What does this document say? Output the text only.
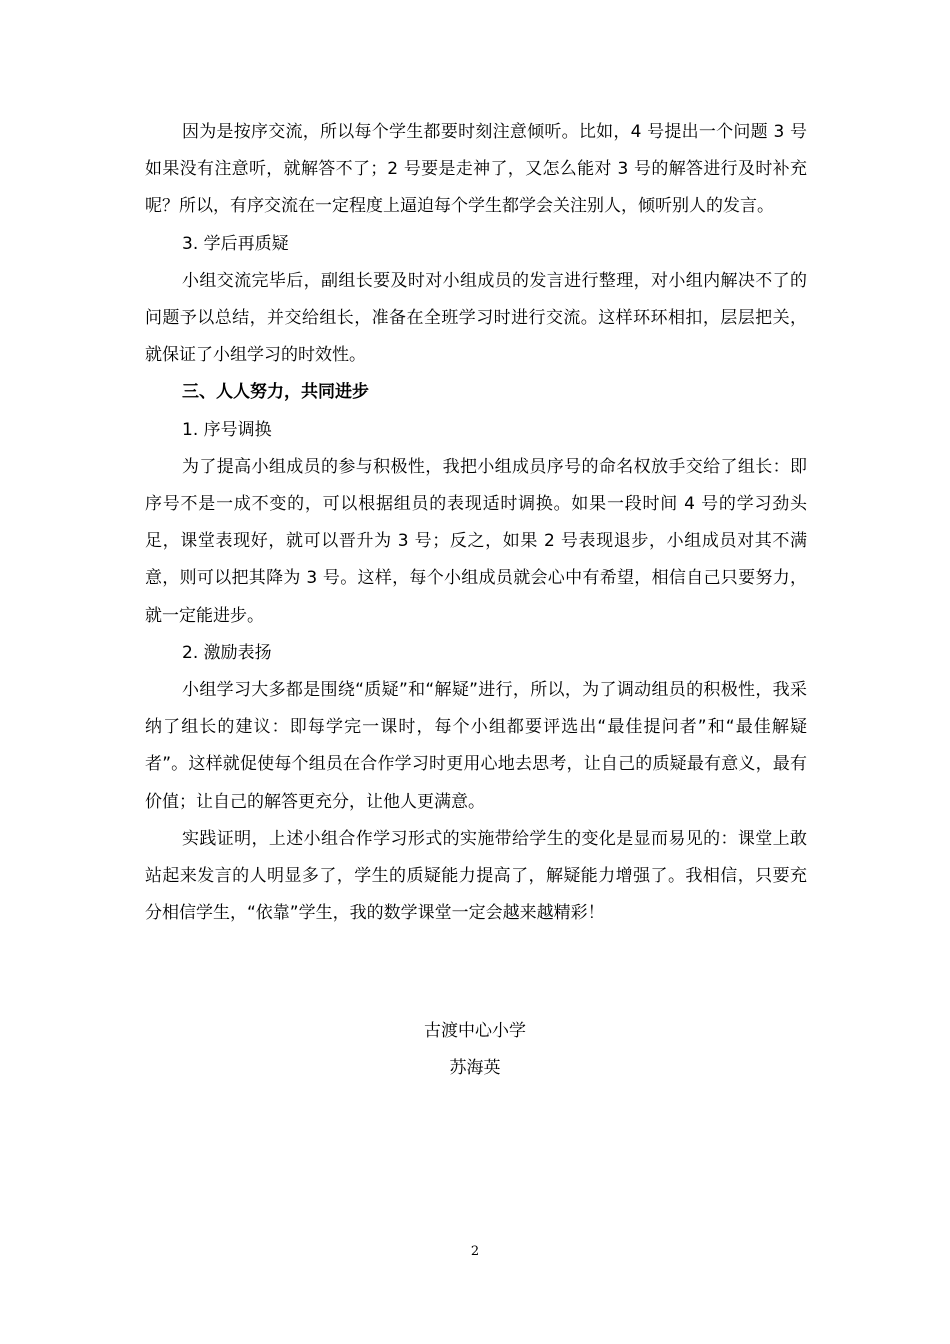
因为是按序交流，所以每个学生都要时刻注意倾听。比如，4 号提出一个问题 3 号如果没有注意听，就解答不了；2 号要是走神了，又怎么能对 3 号的解答进行及时补充呢？所以，有序交流在一定程度上逼迫每个学生都学会关注别人，倾听别人的发言。

3. 学后再质疑

小组交流完毕后，副组长要及时对小组成员的发言进行整理，对小组内解决不了的问题予以总结，并交给组长，准备在全班学习时进行交流。这样环环相扣，层层把关，就保证了小组学习的时效性。

三、人人努力，共同进步

1. 序号调换

为了提高小组成员的参与积极性，我把小组成员序号的命名权放手交给了组长：即序号不是一成不变的，可以根据组员的表现适时调换。如果一段时间 4 号的学习劲头足，课堂表现好，就可以晋升为 3 号；反之，如果 2 号表现退步，小组成员对其不满意，则可以把其降为 3 号。这样，每个小组成员就会心中有希望，相信自己只要努力，就一定能进步。

2. 激励表扬

小组学习大多都是围绕“质疑”和“解疑”进行，所以，为了调动组员的积极性，我采纳了组长的建议：即每学完一课时，每个小组都要评选出“最佳提问者”和“最佳解疑者”。这样就促使每个组员在合作学习时更用心地去思考，让自己的质疑最有意义，最有价值；让自己的解答更充分，让他人更满意。

实践证明，上述小组合作学习形式的实施带给学生的变化是显而易见的：课堂上敢站起来发言的人明显多了，学生的质疑能力提高了，解疑能力增强了。我相信，只要充分相信学生，“依靠”学生，我的数学课堂一定会越来越精彩！

古渡中心小学
苏海英
2
